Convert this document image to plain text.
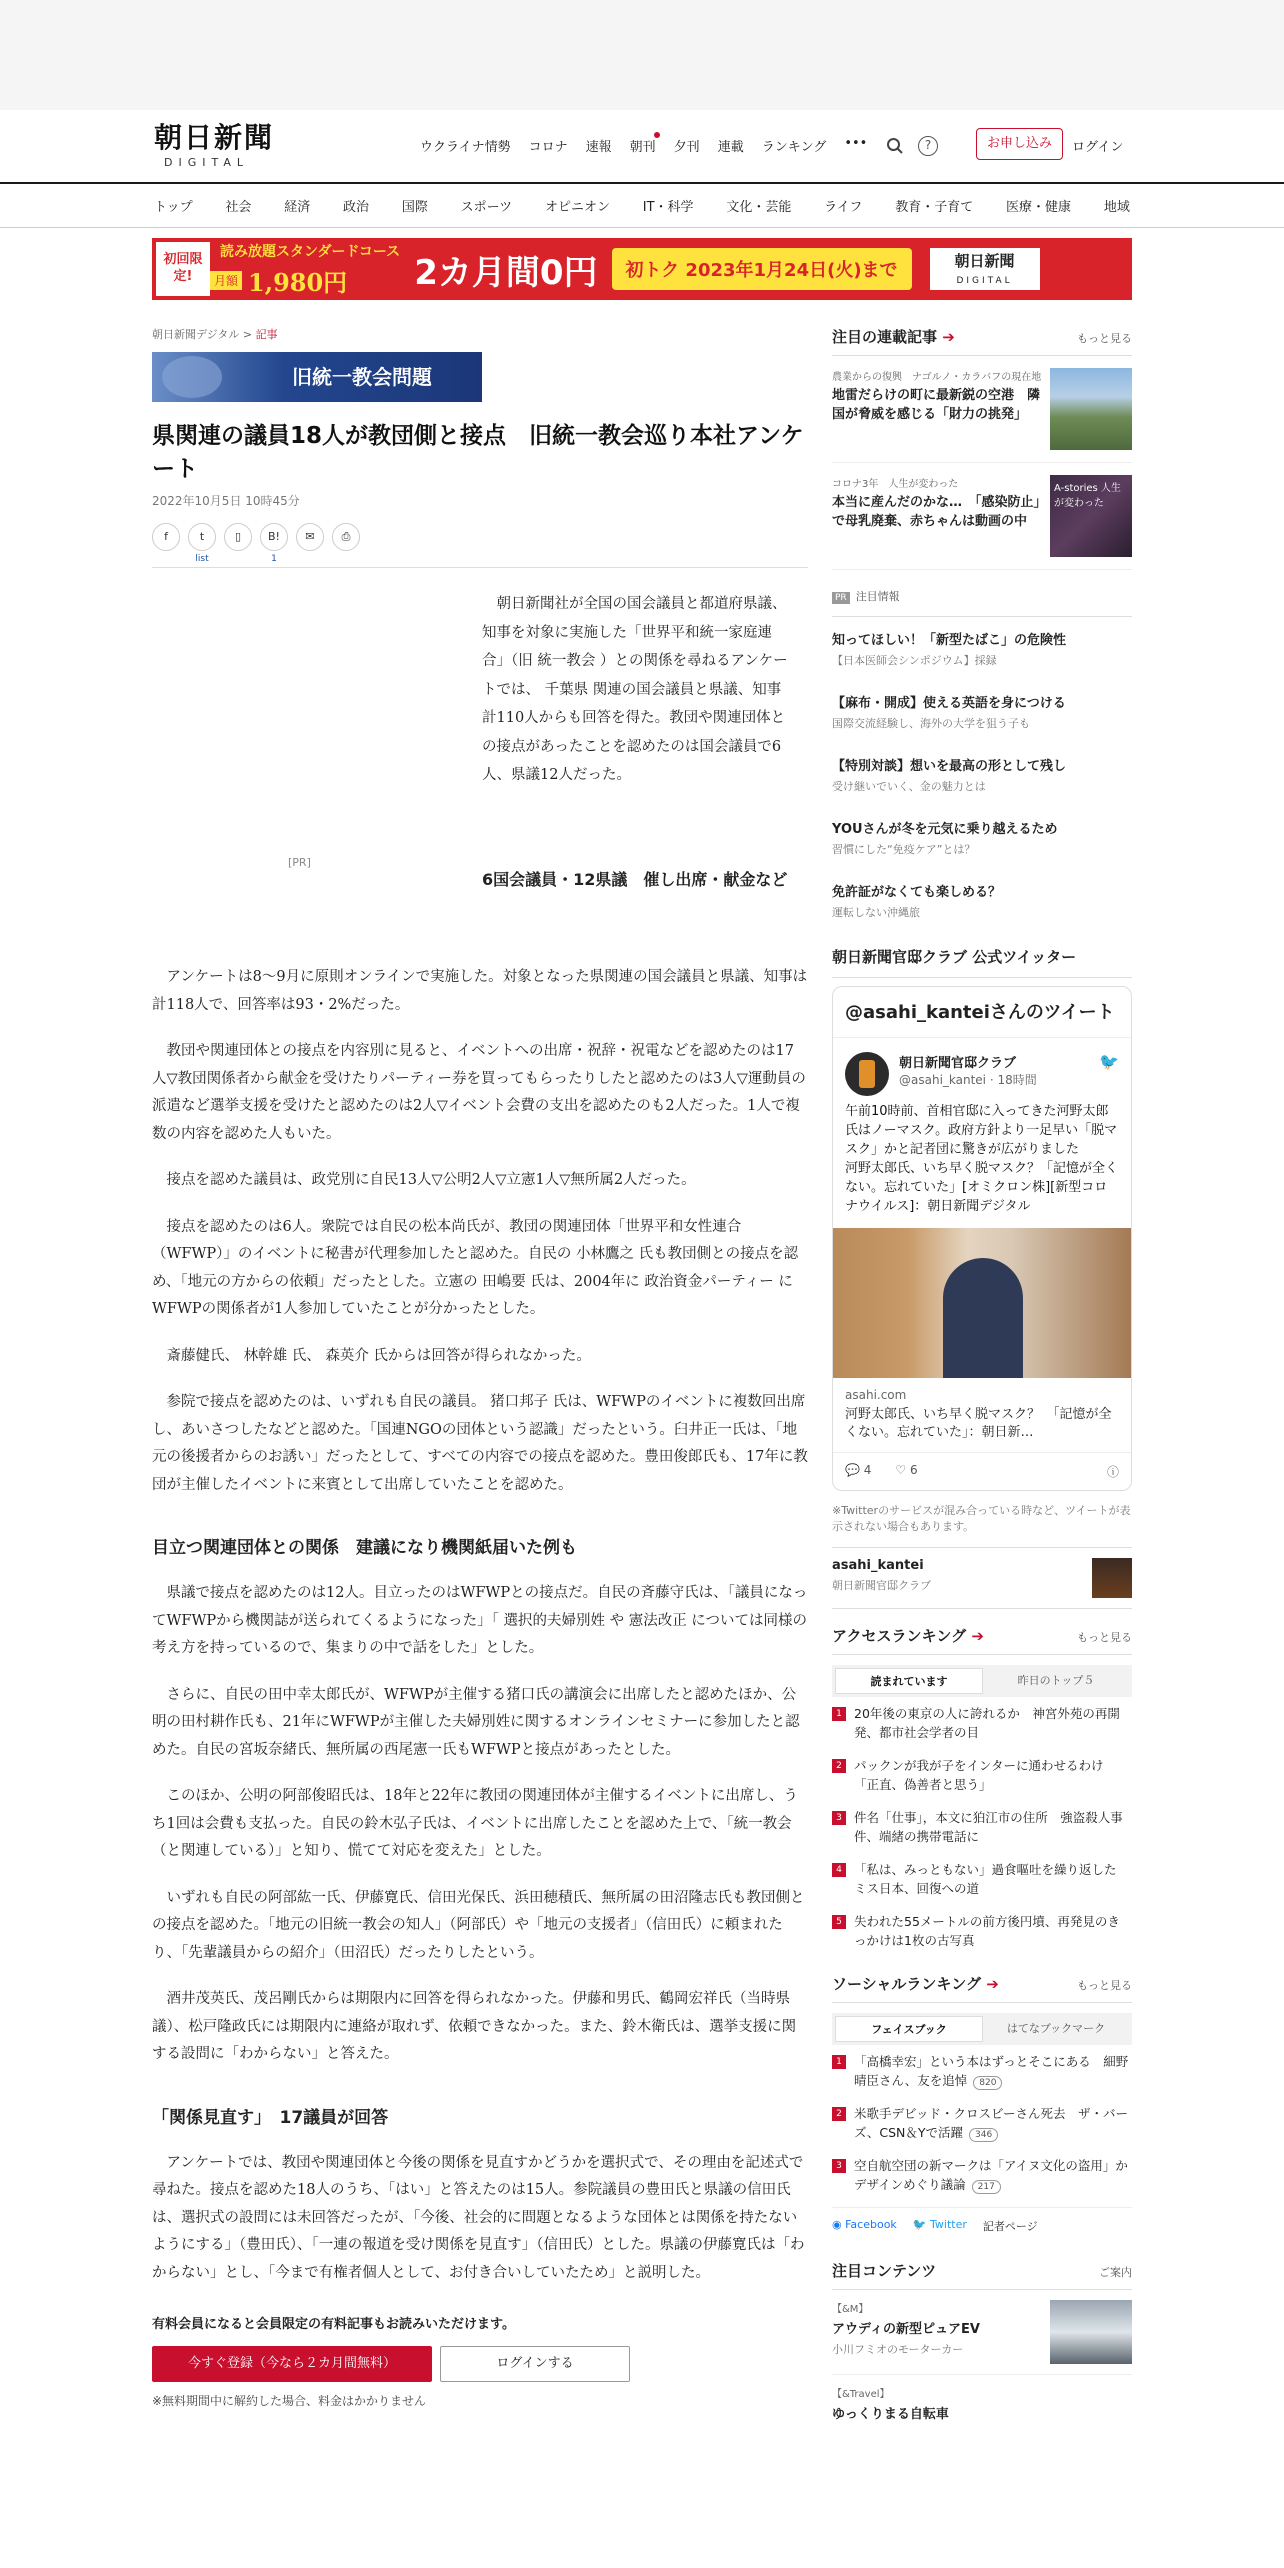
朝日新聞
DIGITAL
ウクライナ情勢 コロナ 速報 朝刊 夕刊 連載 ランキング •••	?	お申し込み	ログイン
トップ	社会	経済	政治	国際	スポーツ	オピニオン	IT・科学	文化・芸能	ライフ	教育・子育て	医療・健康	地域
初回限定!
読み放題スタンダードコース
月額 1,980円 2カ月間0円	初トク 2023年1月24日(火)まで	朝日新聞
DIGITAL
朝日新聞デジタル > 記事
旧統一教会問題
県関連の議員18人が教団側と接点　旧統一教会巡り本社アンケート
2022年10月5日 10時45分
f	t
list
▯	B!
1
✉	⎙
[PR]
朝日新聞社が全国の国会議員と都道府県議、知事を対象に実施した「世界平和統一家庭連合」（旧 統一教会 ）との関係を尋ねるアンケートでは、 千葉県 関連の国会議員と県議、知事計110人からも回答を得た。教団や関連団体との接点があったことを認めたのは国会議員で6人、県議12人だった。
6国会議員・12県議　催し出席・献金など

アンケートは8～9月に原則オンラインで実施した。対象となった県関連の国会議員と県議、知事は計118人で、回答率は93・2%だった。

教団や関連団体との接点を内容別に見ると、イベントへの出席・祝辞・祝電などを認めたのは17人▽教団関係者から献金を受けたりパーティー券を買ってもらったりしたと認めたのは3人▽運動員の派遣など選挙支援を受けたと認めたのは2人▽イベント会費の支出を認めたのも2人だった。1人で複数の内容を認めた人もいた。

接点を認めた議員は、政党別に自民13人▽公明2人▽立憲1人▽無所属2人だった。

接点を認めたのは6人。衆院では自民の松本尚氏が、教団の関連団体「世界平和女性連合（WFWP）」のイベントに秘書が代理参加したと認めた。自民の 小林鷹之 氏も教団側との接点を認め、「地元の方からの依頼」だったとした。立憲の 田嶋要 氏は、2004年に 政治資金パーティー にWFWPの関係者が1人参加していたことが分かったとした。

斎藤健氏、 林幹雄 氏、 森英介 氏からは回答が得られなかった。

参院で接点を認めたのは、いずれも自民の議員。 猪口邦子 氏は、WFWPのイベントに複数回出席し、あいさつしたなどと認めた。「国連NGOの団体という認識」だったという。臼井正一氏は、「地元の後援者からのお誘い」だったとして、すべての内容での接点を認めた。豊田俊郎氏も、17年に教団が主催したイベントに来賓として出席していたことを認めた。

目立つ関連団体との関係　建議になり機関紙届いた例も

県議で接点を認めたのは12人。目立ったのはWFWPとの接点だ。自民の斉藤守氏は、「議員になってWFWPから機関誌が送られてくるようになった」「 選択的夫婦別姓 や 憲法改正 については同様の考え方を持っているので、集まりの中で話をした」とした。

さらに、自民の田中幸太郎氏が、WFWPが主催する猪口氏の講演会に出席したと認めたほか、公明の田村耕作氏も、21年にWFWPが主催した夫婦別姓に関するオンラインセミナーに参加したと認めた。自民の宮坂奈緒氏、無所属の西尾憲一氏もWFWPと接点があったとした。

このほか、公明の阿部俊昭氏は、18年と22年に教団の関連団体が主催するイベントに出席し、うち1回は会費も支払った。自民の鈴木弘子氏は、イベントに出席したことを認めた上で、「統一教会（と関連している）」と知り、慌てて対応を変えた」とした。

いずれも自民の阿部紘一氏、伊藤寛氏、信田光保氏、浜田穂積氏、無所属の田沼隆志氏も教団側との接点を認めた。「地元の旧統一教会の知人」（阿部氏）や「地元の支援者」（信田氏）に頼まれたり、「先輩議員からの紹介」（田沼氏）だったりしたという。

酒井茂英氏、茂呂剛氏からは期限内に回答を得られなかった。伊藤和男氏、鶴岡宏祥氏（当時県議）、松戸隆政氏には期限内に連絡が取れず、依頼できなかった。また、鈴木衛氏は、選挙支援に関する設問に「わからない」と答えた。

「関係見直す」　17議員が回答

アンケートでは、教団や関連団体と今後の関係を見直すかどうかを選択式で、その理由を記述式で尋ねた。接点を認めた18人のうち、「はい」と答えたのは15人。参院議員の豊田氏と県議の信田氏は、選択式の設問には未回答だったが、「今後、社会的に問題となるような団体とは関係を持たないようにする」（豊田氏）、「一連の報道を受け関係を見直す」（信田氏）とした。県議の伊藤寛氏は「わからない」とし、「今まで有権者個人として、お付き合いしていたため」と説明した。

有料会員になると会員限定の有料記事もお読みいただけます。
今すぐ登録（今なら２カ月間無料）	ログインする
※無料期間中に解約した場合、料金はかかりません
注目の連載記事 ➔	もっと見る
農業からの復興　ナゴルノ・カラバフの現在地
地雷だらけの町に最新鋭の空港　隣国が脅威を感じる「財力の挑発」
コロナ3年　人生が変わった
本当に産んだのかな…　「感染防止」で母乳廃棄、赤ちゃんは動画の中
A-stories 人生が変わった
PR 注目情報
知ってほしい！「新型たばこ」の危険性
【日本医師会シンポジウム】採録
【麻布・開成】使える英語を身につける
国際交流経験し、海外の大学を狙う子も
【特別対談】想いを最高の形として残し
受け継いでいく、金の魅力とは
YOUさんが冬を元気に乗り越えるため
習慣にした“免疫ケア”とは？
免許証がなくても楽しめる？
運転しない沖縄旅
朝日新聞官邸クラブ 公式ツイッター
@asahi_kanteiさんのツイート
朝日新聞官邸クラブ
@asahi_kantei · 18時間
🐦
午前10時前、首相官邸に入ってきた河野太郎氏はノーマスク。政府方針より一足早い「脱マスク」かと記者団に驚きが広がりました
河野太郎氏、いち早く脱マスク？「記憶が全くない。忘れていた」[オミクロン株][新型コロナウイルス]：朝日新聞デジタル
asahi.com
河野太郎氏、いち早く脱マスク？　「記憶が全くない。忘れていた」：朝日新…
💬 4 ♡ 6	ⓘ
※Twitterのサービスが混み合っている時など、ツイートが表示されない場合もあります。
asahi_kantei
朝日新聞官邸クラブ
アクセスランキング ➔	もっと見る
読まれています	昨日のトップ５
1 20年後の東京の人に誇れるか　神宮外苑の再開発、都市社会学者の目
2 パックンが我が子をインターに通わせるわけ　「正直、偽善者と思う」
3 件名「仕事」，本文に狛江市の住所　強盗殺人事件、端緒の携帯電話に
4 「私は、みっともない」過食嘔吐を繰り返した　ミス日本、回復への道
5 失われた55メートルの前方後円墳、再発見のきっかけは1枚の古写真
ソーシャルランキング ➔	もっと見る
フェイスブック	はてなブックマーク
1 「高橋幸宏」という本はずっとそこにある　細野晴臣さん、友を追悼 820
2 米歌手デビッド・クロスビーさん死去　ザ・バーズ、CSN＆Yで活躍 346
3 空自航空団の新マークは「アイヌ文化の盗用」か　デザインめぐり議論 217
◉ Facebook 🐦 Twitter 記者ページ
注目コンテンツ	ご案内
【&M】
アウディの新型ピュアEV
小川フミオのモーターカー
【&Travel】
ゆっくりまる自転車
